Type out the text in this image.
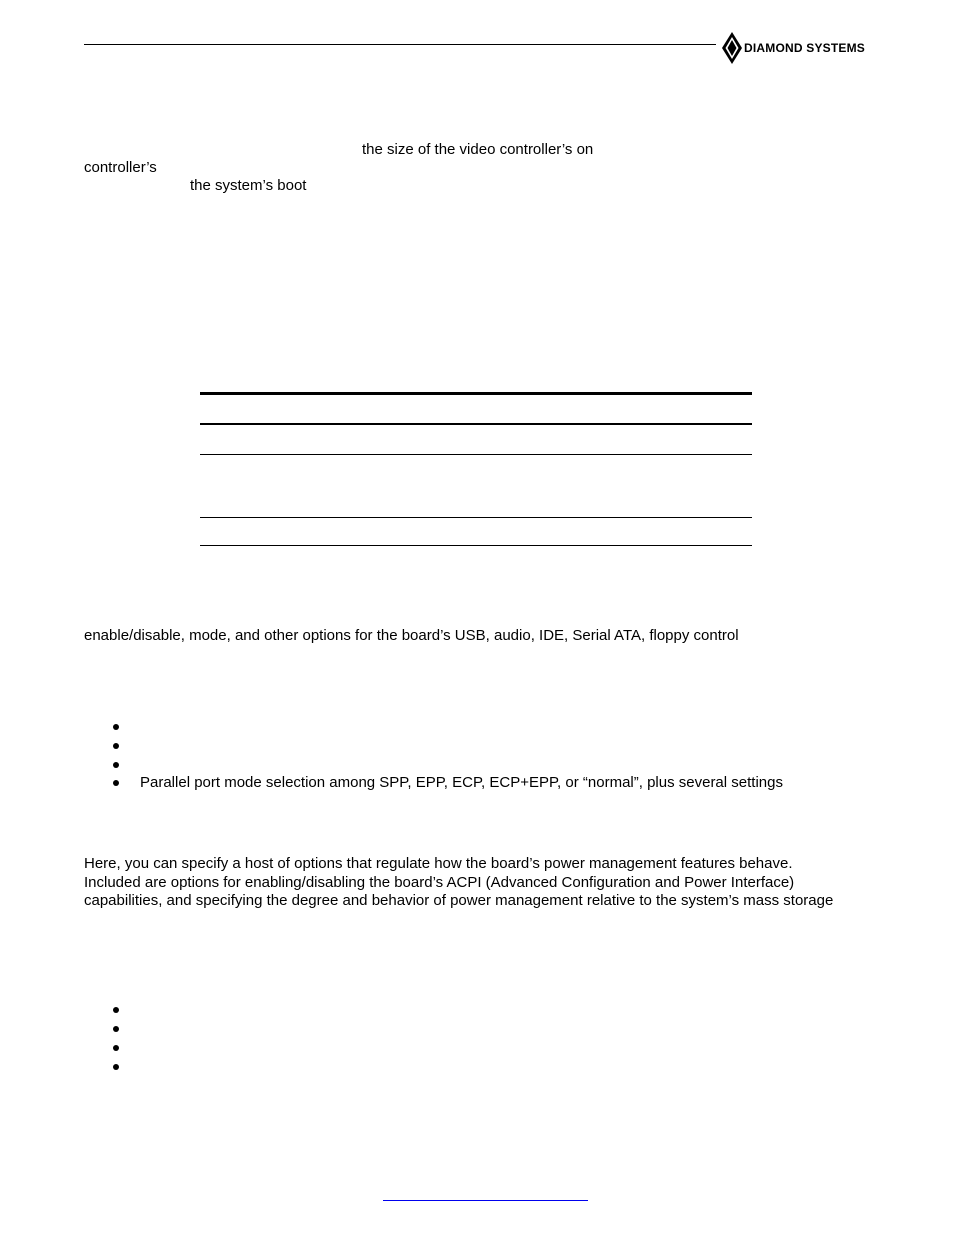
DIAMOND SYSTEMS
the size of the video controller’s on
controller’s
the system’s boot
enable/disable, mode, and other options for the board’s USB, audio, IDE, Serial ATA, floppy control
Parallel port mode selection among SPP, EPP, ECP, ECP+EPP, or “normal”, plus several settings
Here, you can specify a host of options that regulate how the board’s power management features behave.
Included are options for enabling/disabling the board’s ACPI (Advanced Configuration and Power Interface)
capabilities, and specifying the degree and behavior of power management relative to the system’s mass storage
